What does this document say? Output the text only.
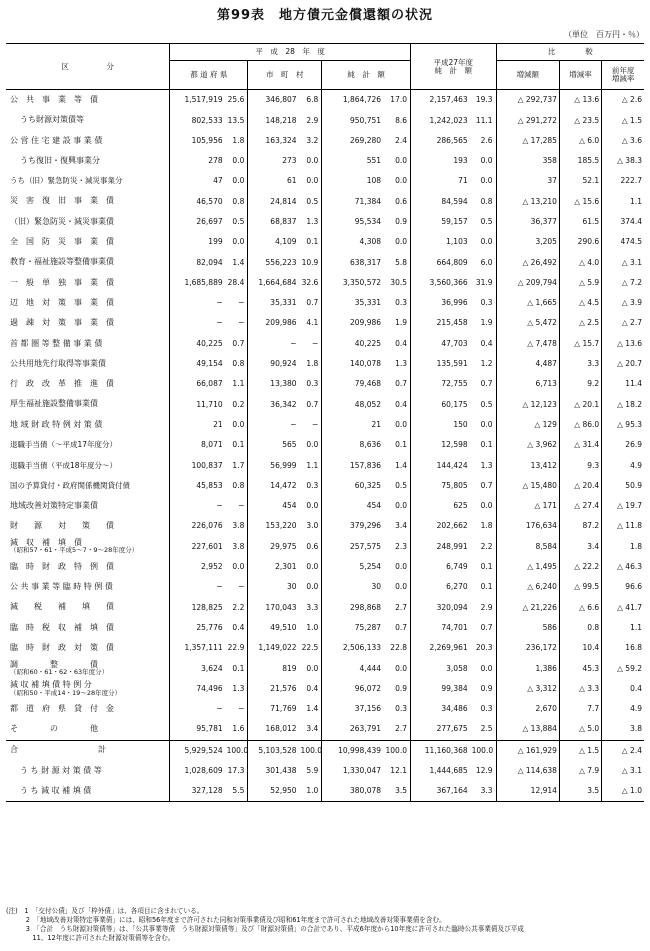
第99表　地方債元金償還額の状況
（単位　百万円・％）
区　　　　　分	平　成　28　年　度						平成27年度
純　計　額		比　　　　較		
	都 道 府 県		市　町　村		純　計　額				増減額	増減率	前年度
増減率

公　共　事　業　等　債	1,517,919	25.6	346,807	6.8	1,864,726	17.0	2,157,463	19.3	△ 292,737	△ 13.6	△ 2.6
うち財源対策債等	802,533	13.5	148,218	2.9	950,751	8.6	1,242,023	11.1	△ 291,272	△ 23.5	△ 1.5
公 営 住 宅 建 設 事 業 債	105,956	1.8	163,324	3.2	269,280	2.4	286,565	2.6	△ 17,285	△ 6.0	△ 3.6
うち復旧・復興事業分	278	0.0	273	0.0	551	0.0	193	0.0	358	185.5	△ 38.3
うち（旧）緊急防災・減災事業分	47	0.0	61	0.0	108	0.0	71	0.0	37	52.1	222.7
災　害　復　旧　事　業　債	46,570	0.8	24,814	0.5	71,384	0.6	84,594	0.8	△ 13,210	△ 15.6	1.1
（旧）緊急防災・減災事業債	26,697	0.5	68,837	1.3	95,534	0.9	59,157	0.5	36,377	61.5	374.4
全　国　防　災　事　業　債	199	0.0	4,109	0.1	4,308	0.0	1,103	0.0	3,205	290.6	474.5
教育・福祉施設等整備事業債	82,094	1.4	556,223	10.9	638,317	5.8	664,809	6.0	△ 26,492	△ 4.0	△ 3.1
一　般　単　独　事　業　債	1,685,889	28.4	1,664,684	32.6	3,350,572	30.5	3,560,366	31.9	△ 209,794	△ 5.9	△ 7.2
辺　地　対　策　事　業　債	−	−	35,331	0.7	35,331	0.3	36,996	0.3	△ 1,665	△ 4.5	△ 3.9
過　疎　対　策　事　業　債	−	−	209,986	4.1	209,986	1.9	215,458	1.9	△ 5,472	△ 2.5	△ 2.7
首 都 圏 等 整 備 事 業 債	40,225	0.7	−	−	40,225	0.4	47,703	0.4	△ 7,478	△ 15.7	△ 13.6
公共用地先行取得等事業債	49,154	0.8	90,924	1.8	140,078	1.3	135,591	1.2	4,487	3.3	△ 20.7
行　政　改　革　推　進　債	66,087	1.1	13,380	0.3	79,468	0.7	72,755	0.7	6,713	9.2	11.4
厚生福祉施設整備事業債	11,710	0.2	36,342	0.7	48,052	0.4	60,175	0.5	△ 12,123	△ 20.1	△ 18.2
地 域 財 政 特 例 対 策 債	21	0.0	−	−	21	0.0	150	0.0	△ 129	△ 86.0	△ 95.3
退職手当債（〜平成17年度分）	8,071	0.1	565	0.0	8,636	0.1	12,598	0.1	△ 3,962	△ 31.4	26.9
退職手当債（平成18年度分〜）	100,837	1.7	56,999	1.1	157,836	1.4	144,424	1.3	13,412	9.3	4.9
国の予算貸付・政府関係機関貸付債	45,853	0.8	14,472	0.3	60,325	0.5	75,805	0.7	△ 15,480	△ 20.4	50.9
地域改善対策特定事業債	−	−	454	0.0	454	0.0	625	0.0	△ 171	△ 27.4	△ 19.7
財　　源　　対　　策　　債	226,076	3.8	153,220	3.0	379,296	3.4	202,662	1.8	176,634	87.2	△ 11.8
減　収　補　填　債
（昭和57・61・平成5〜7・9〜28年度分）	227,601	3.8	29,975	0.6	257,575	2.3	248,991	2.2	8,584	3.4	1.8
臨　時　財　政　特　例　債	2,952	0.0	2,301	0.0	5,254	0.0	6,749	0.1	△ 1,495	△ 22.2	△ 46.3
公 共 事 業 等 臨 時 特 例 債	−	−	30	0.0	30	0.0	6,270	0.1	△ 6,240	△ 99.5	96.6
減　　税　　補　　填　　債	128,825	2.2	170,043	3.3	298,868	2.7	320,094	2.9	△ 21,226	△ 6.6	△ 41.7
臨　時　税　収　補　填　債	25,776	0.4	49,510	1.0	75,287	0.7	74,701	0.7	586	0.8	1.1
臨　時　財　政　対　策　債	1,357,111	22.9	1,149,022	22.5	2,506,133	22.8	2,269,961	20.3	236,172	10.4	16.8
調　　　　整　　　　債
（昭和60・61・62・63年度分）	3,624	0.1	819	0.0	4,444	0.0	3,058	0.0	1,386	45.3	△ 59.2
減 収 補 填 債 特 例 分
（昭和50・平成14・19〜28年度分）	74,496	1.3	21,576	0.4	96,072	0.9	99,384	0.9	△ 3,312	△ 3.3	0.4
都　道　府　県　貸　付　金	−	−	71,769	1.4	37,156	0.3	34,486	0.3	2,670	7.7	4.9
そ　　　　の　　　　他	95,781	1.6	168,012	3.4	263,791	2.7	277,675	2.5	△ 13,884	△ 5.0	3.8
合　　　　　　　　　　計	5,929,524	100.0	5,103,528	100.0	10,998,439	100.0	11,160,368	100.0	△ 161,929	△ 1.5	△ 2.4
う ち 財 源 対 策 債 等	1,028,609	17.3	301,438	5.9	1,330,047	12.1	1,444,685	12.9	△ 114,638	△ 7.9	△ 3.1
う ち 減 収 補 填 債	327,128	5.5	52,950	1.0	380,078	3.5	367,164	3.3	12,914	3.5	△ 1.0
(注)　1　「交付公債」及び「枠外債」は、各項目に含まれている。
　　　2　「地域改善対策特定事業債」には、昭和56年度まで許可された同和対策事業債及び昭和61年度まで許可された地域改善対策事業債を含む。
　　　3　「合計　うち財源対策債等」は、「公共事業等債　うち財源対策債等」及び「財源対策債」の合計であり、平成6年度から10年度に許可された臨時公共事業債及び平成
　　　　11、12年度に許可された財源対策債等を含む。
